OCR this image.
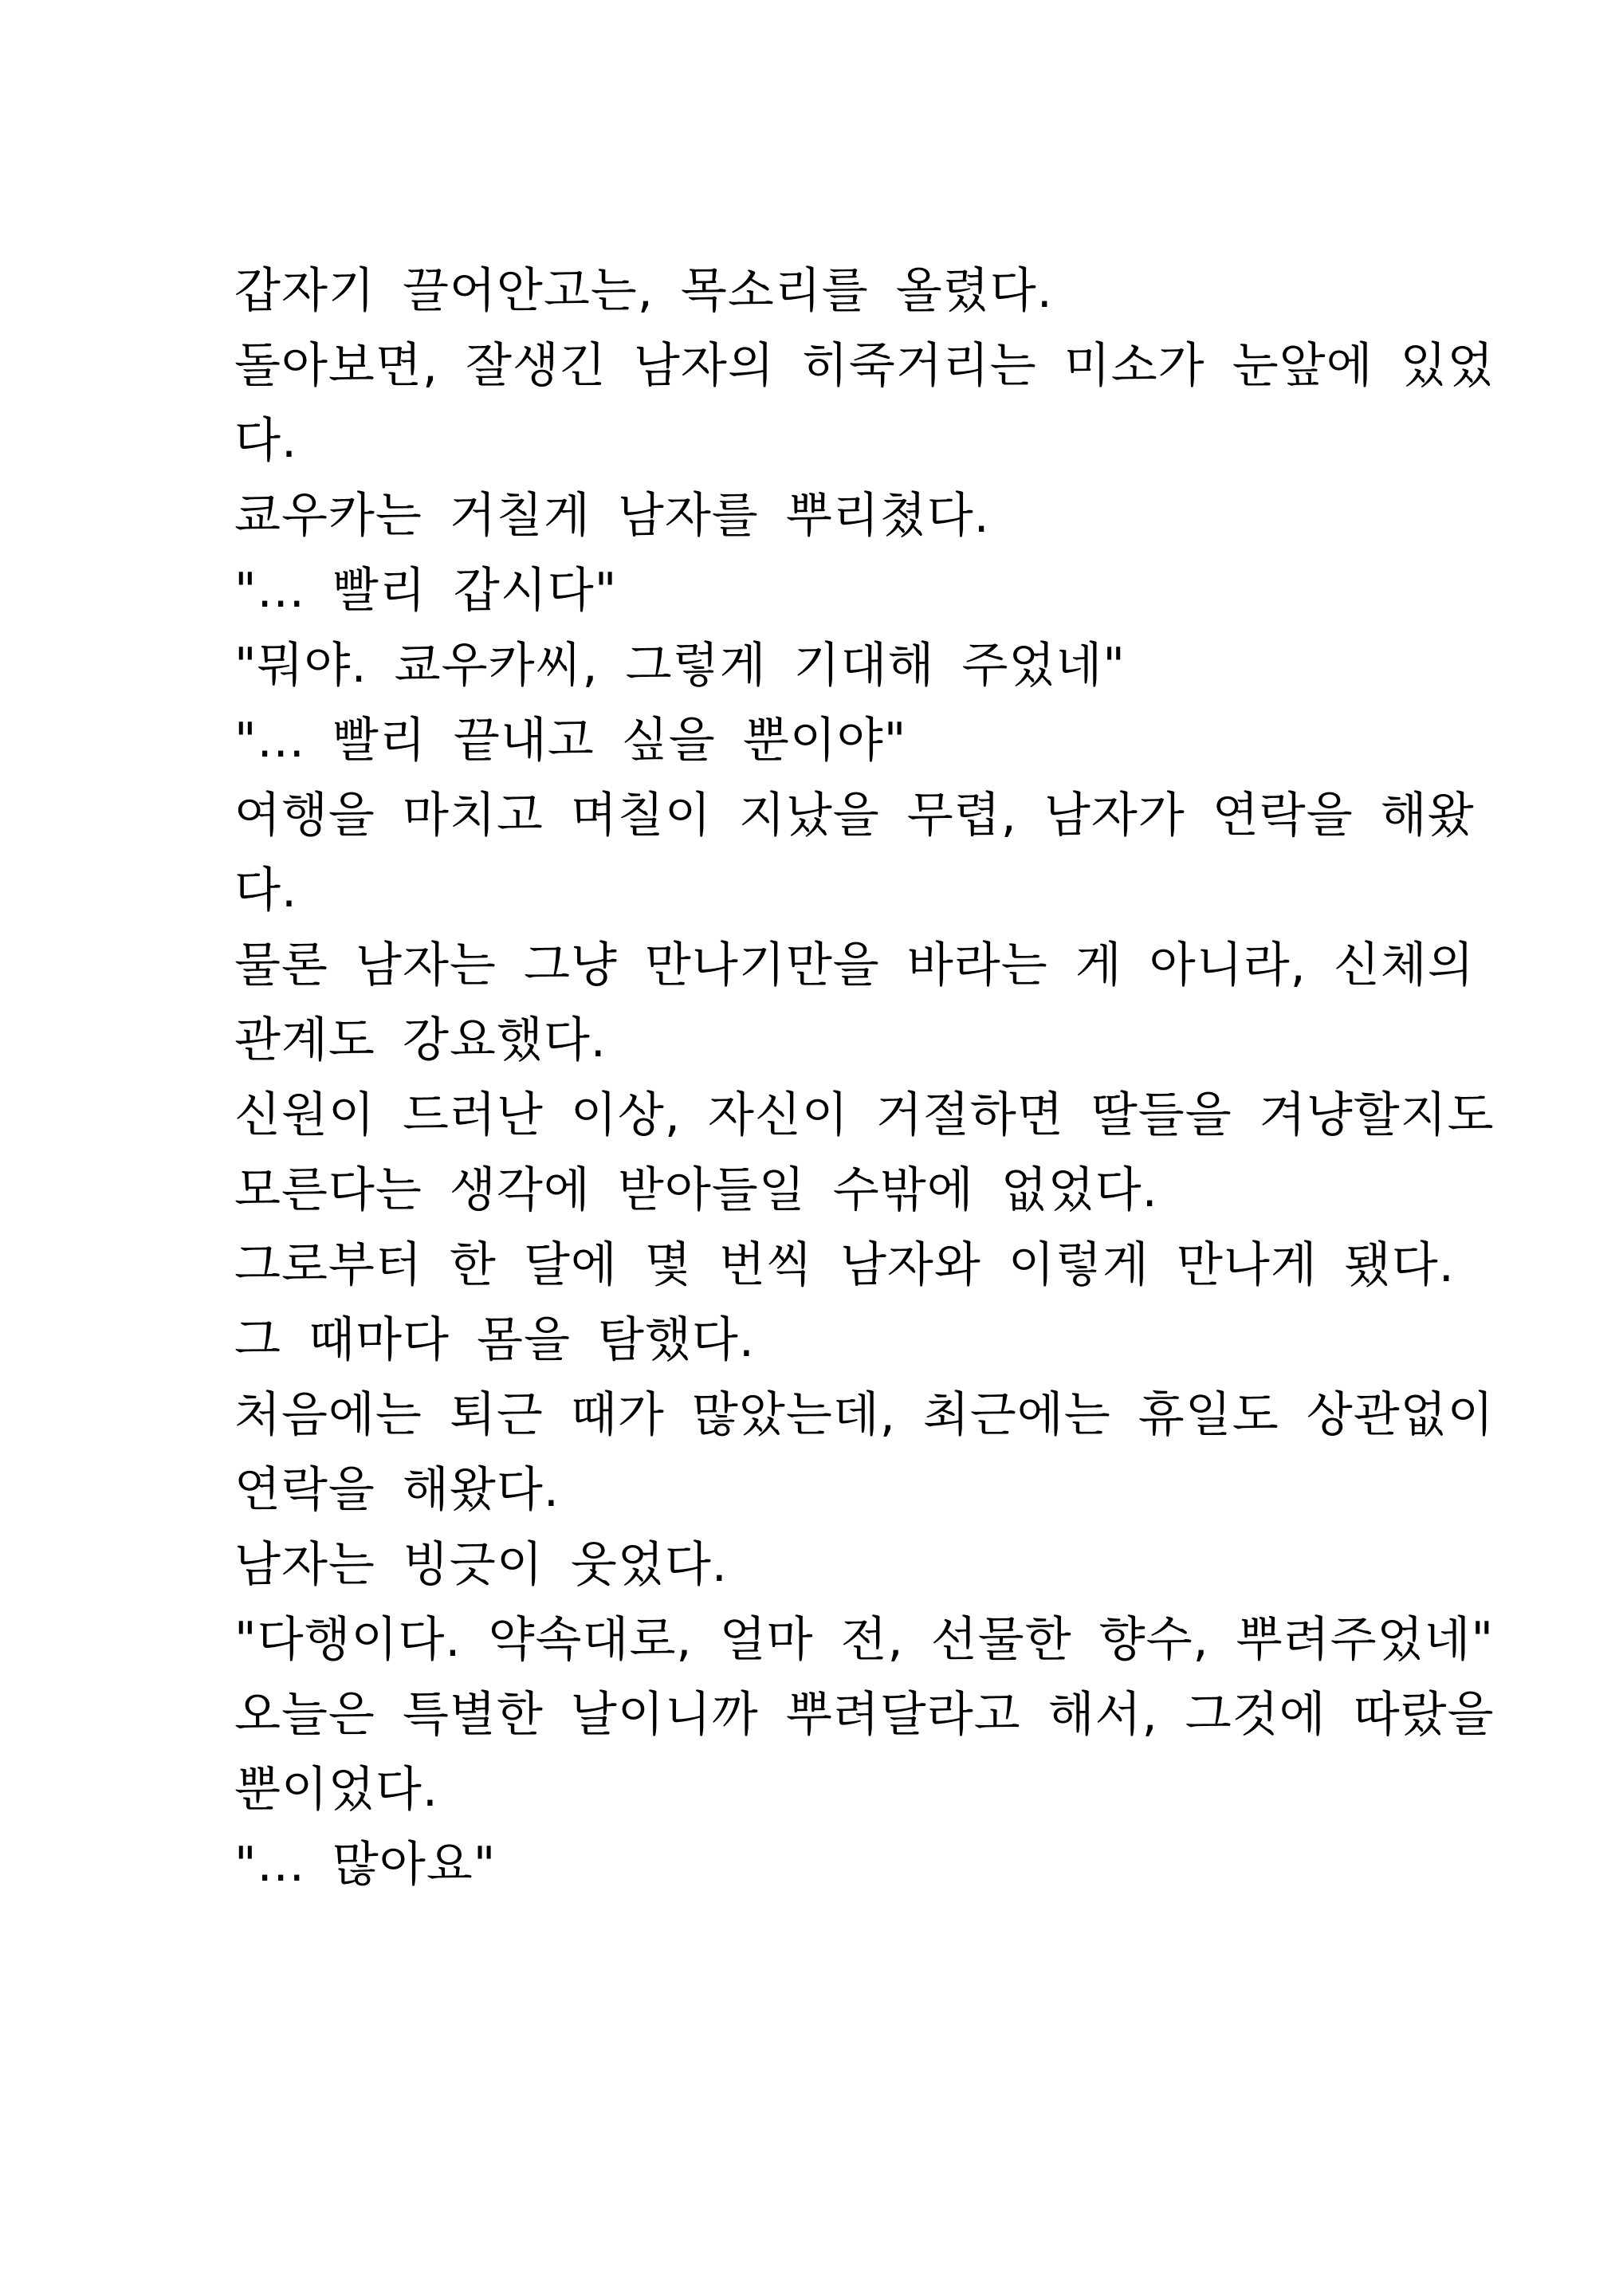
갑자기 끌어안고는, 목소리를 올렸다.
돌아보면, 잘생긴 남자의 히죽거리는 미소가 눈앞에 있었
다.
쿄우카는 거칠게 남자를 뿌리쳤다.
"... 빨리 갑시다"
"뭐야. 쿄우카씨, 그렇게 기대해 주었네"
"... 빨리 끝내고 싶을 뿐이야"
여행을 마치고 며칠이 지났을 무렵, 남자가 연락을 해왔
다.
물론 남자는 그냥 만나기만을 바라는 게 아니라, 신체의
관계도 강요했다.
신원이 드러난 이상, 자신이 거절하면 딸들을 겨냥할지도
모른다는 생각에 받아들일 수밖에 없었다.
그로부터 한 달에 몇 번씩 남자와 이렇게 만나게 됐다.
그 때마다 몸을 탐했다.
처음에는 퇴근 때가 많았는데, 최근에는 휴일도 상관없이
연락을 해왔다.
남자는 빙긋이 웃었다.
"다행이다. 약속대로, 얼마 전, 선물한 향수, 뿌려주었네"
오늘은 특별한 날이니까 뿌려달라고 해서, 그것에 따랐을
뿐이었다.
"... 많아요"
